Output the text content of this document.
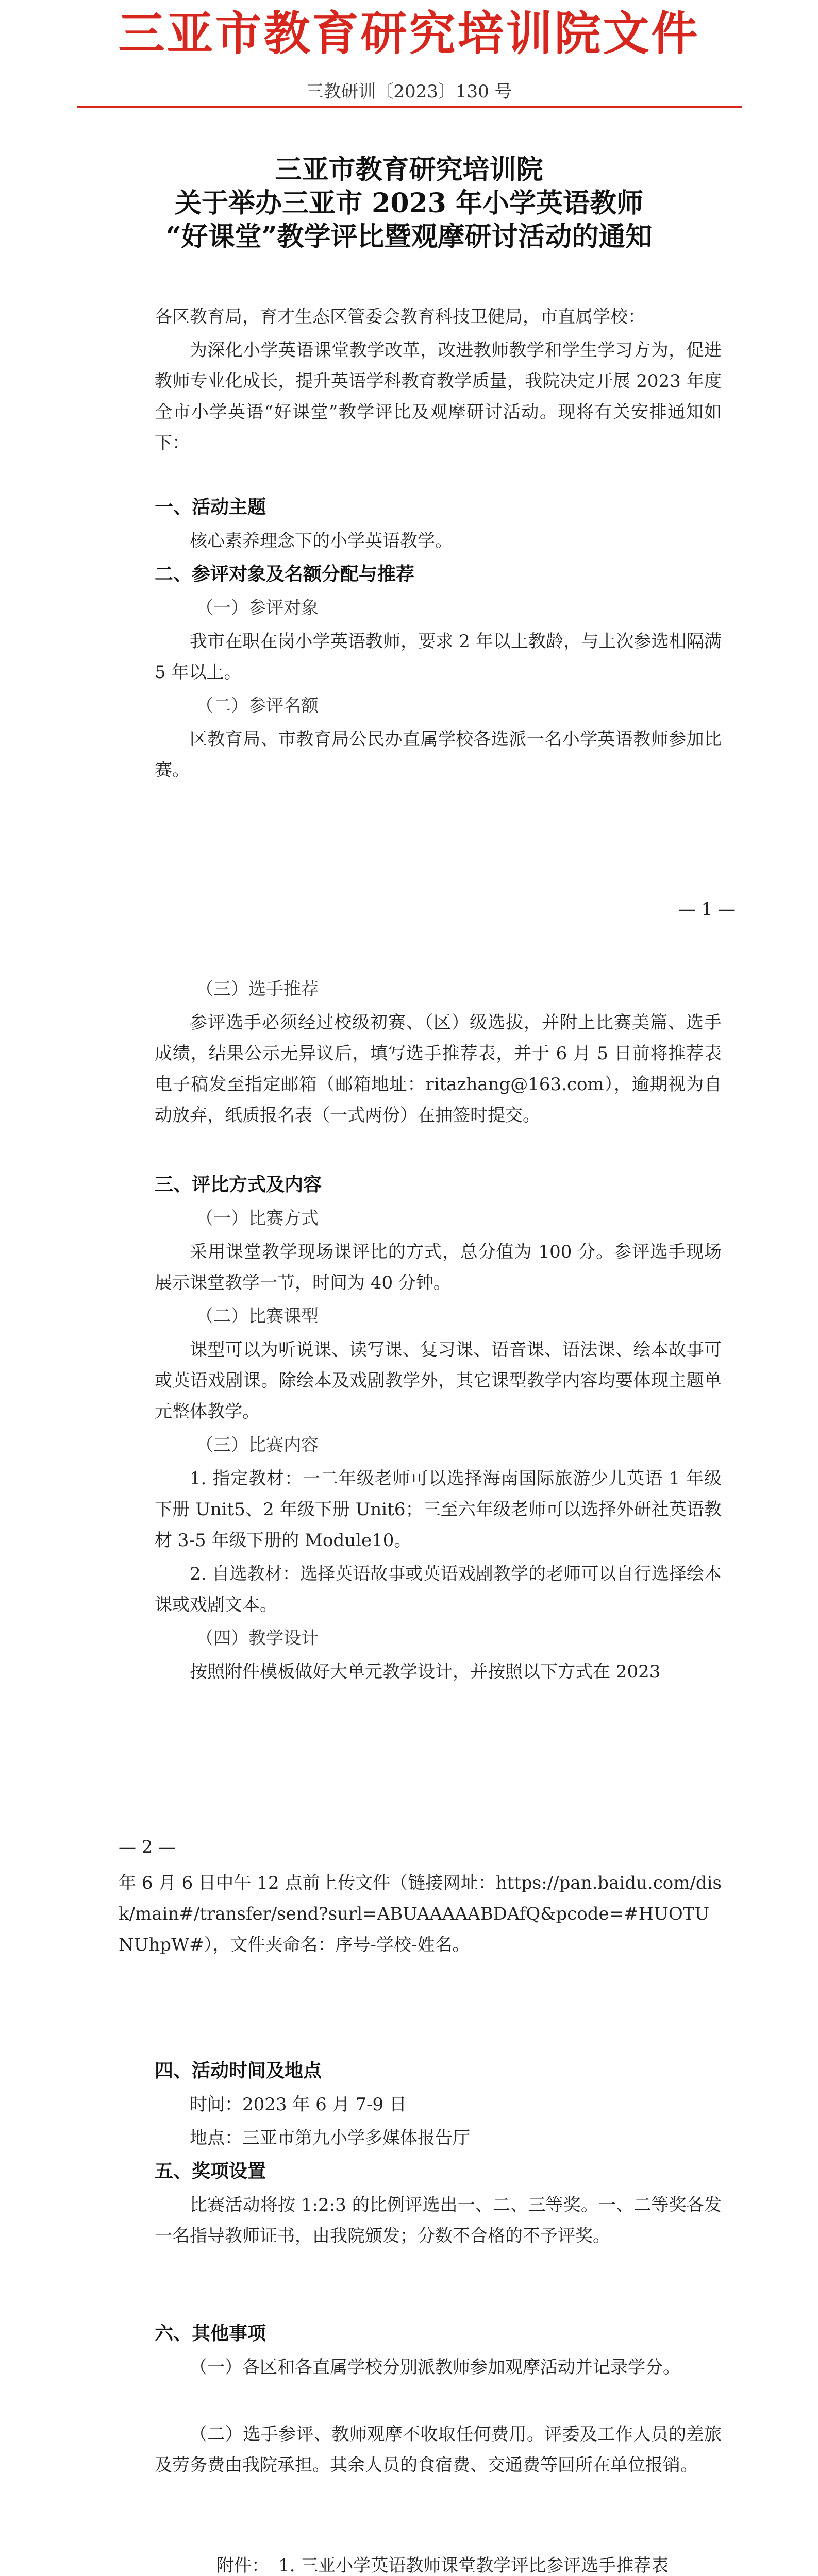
三亚市教育研究培训院文件
三教研训〔2023〕130 号
三亚市教育研究培训院
关于举办三亚市 2023 年小学英语教师
“好课堂”教学评比暨观摩研讨活动的通知
各区教育局，育才生态区管委会教育科技卫健局，市直属学校：
为深化小学英语课堂教学改革，改进教师教学和学生学习方为，促进教师专业化成长，提升英语学科教育教学质量，我院决定开展 2023 年度全市小学英语“好课堂”教学评比及观摩研讨活动。现将有关安排通知如下：
一、活动主题
核心素养理念下的小学英语教学。
二、参评对象及名额分配与推荐
（一）参评对象
我市在职在岗小学英语教师，要求 2 年以上教龄，与上次参选相隔满 5 年以上。
（二）参评名额
区教育局、市教育局公民办直属学校各选派一名小学英语教师参加比赛。
— 1 —
（三）选手推荐
参评选手必须经过校级初赛、（区）级选拔，并附上比赛美篇、选手成绩，结果公示无异议后，填写选手推荐表，并于 6 月 5 日前将推荐表电子稿发至指定邮箱（邮箱地址：ritazhang@163.com），逾期视为自动放弃，纸质报名表（一式两份）在抽签时提交。
三、评比方式及内容
（一）比赛方式
采用课堂教学现场课评比的方式，总分值为 100 分。参评选手现场展示课堂教学一节，时间为 40 分钟。
（二）比赛课型
课型可以为听说课、读写课、复习课、语音课、语法课、绘本故事可或英语戏剧课。除绘本及戏剧教学外，其它课型教学内容均要体现主题单元整体教学。
（三）比赛内容
1. 指定教材：一二年级老师可以选择海南国际旅游少儿英语 1 年级下册 Unit5、2 年级下册 Unit6；三至六年级老师可以选择外研社英语教材 3-5 年级下册的 Module10。
2. 自选教材：选择英语故事或英语戏剧教学的老师可以自行选择绘本课或戏剧文本。
（四）教学设计
按照附件模板做好大单元教学设计，并按照以下方式在 2023
— 2 —
年 6 月 6 日中午 12 点前上传文件（链接网址：https://pan.baidu.com/disk/main#/transfer/send?surl=ABUAAAAABDAfQ&pcode=#HUOTUNUhpW#），文件夹命名：序号-学校-姓名。
四、活动时间及地点
时间：2023 年 6 月 7-9 日
地点：三亚市第九小学多媒体报告厅
五、奖项设置
比赛活动将按 1:2:3 的比例评选出一、二、三等奖。一、二等奖各发一名指导教师证书，由我院颁发；分数不合格的不予评奖。
六、其他事项
（一）各区和各直属学校分别派教师参加观摩活动并记录学分。
（二）选手参评、教师观摩不收取任何费用。评委及工作人员的差旅及劳务费由我院承担。其余人员的食宿费、交通费等回所在单位报销。
附件： 1. 三亚小学英语教师课堂教学评比参评选手推荐表
